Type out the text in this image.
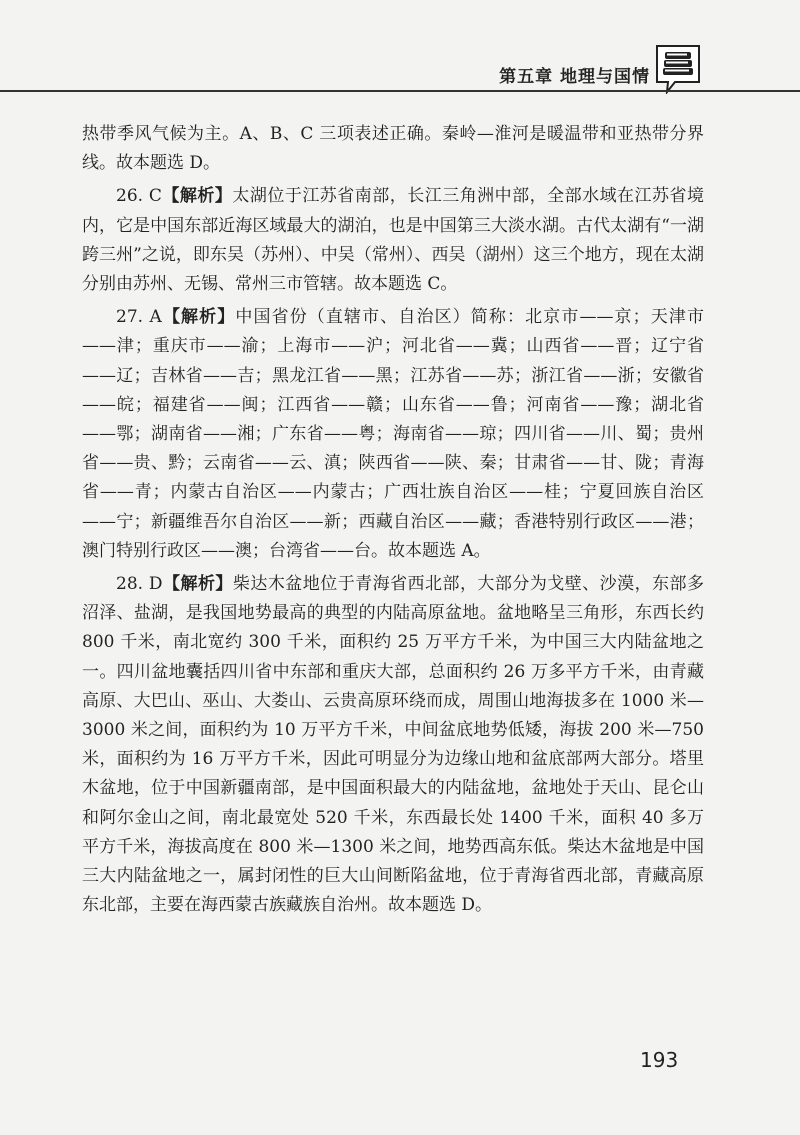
第五章 地理与国情

热带季风气候为主。A、B、C 三项表述正确。秦岭—淮河是暖温带和亚热带分界线。故本题选 D。

26. C【解析】太湖位于江苏省南部，长江三角洲中部，全部水域在江苏省境内，它是中国东部近海区域最大的湖泊，也是中国第三大淡水湖。古代太湖有“一湖跨三州”之说，即东吴（苏州）、中吴（常州）、西吴（湖州）这三个地方，现在太湖分别由苏州、无锡、常州三市管辖。故本题选 C。

27. A【解析】中国省份（直辖市、自治区）简称：北京市——京；天津市——津；重庆市——渝；上海市——沪；河北省——冀；山西省——晋；辽宁省——辽；吉林省——吉；黑龙江省——黑；江苏省——苏；浙江省——浙；安徽省——皖；福建省——闽；江西省——赣；山东省——鲁；河南省——豫；湖北省——鄂；湖南省——湘；广东省——粤；海南省——琼；四川省——川、蜀；贵州省——贵、黔；云南省——云、滇；陕西省——陕、秦；甘肃省——甘、陇；青海省——青；内蒙古自治区——内蒙古；广西壮族自治区——桂；宁夏回族自治区——宁；新疆维吾尔自治区——新；西藏自治区——藏；香港特别行政区——港；澳门特别行政区——澳；台湾省——台。故本题选 A。

28. D【解析】柴达木盆地位于青海省西北部，大部分为戈壁、沙漠，东部多沼泽、盐湖，是我国地势最高的典型的内陆高原盆地。盆地略呈三角形，东西长约 800 千米，南北宽约 300 千米，面积约 25 万平方千米，为中国三大内陆盆地之一。四川盆地囊括四川省中东部和重庆大部，总面积约 26 万多平方千米，由青藏高原、大巴山、巫山、大娄山、云贵高原环绕而成，周围山地海拔多在 1000 米—3000 米之间，面积约为 10 万平方千米，中间盆底地势低矮，海拔 200 米—750 米，面积约为 16 万平方千米，因此可明显分为边缘山地和盆底部两大部分。塔里木盆地，位于中国新疆南部，是中国面积最大的内陆盆地，盆地处于天山、昆仑山和阿尔金山之间，南北最宽处 520 千米，东西最长处 1400 千米，面积 40 多万平方千米，海拔高度在 800 米—1300 米之间，地势西高东低。柴达木盆地是中国三大内陆盆地之一，属封闭性的巨大山间断陷盆地，位于青海省西北部，青藏高原东北部，主要在海西蒙古族藏族自治州。故本题选 D。

193
